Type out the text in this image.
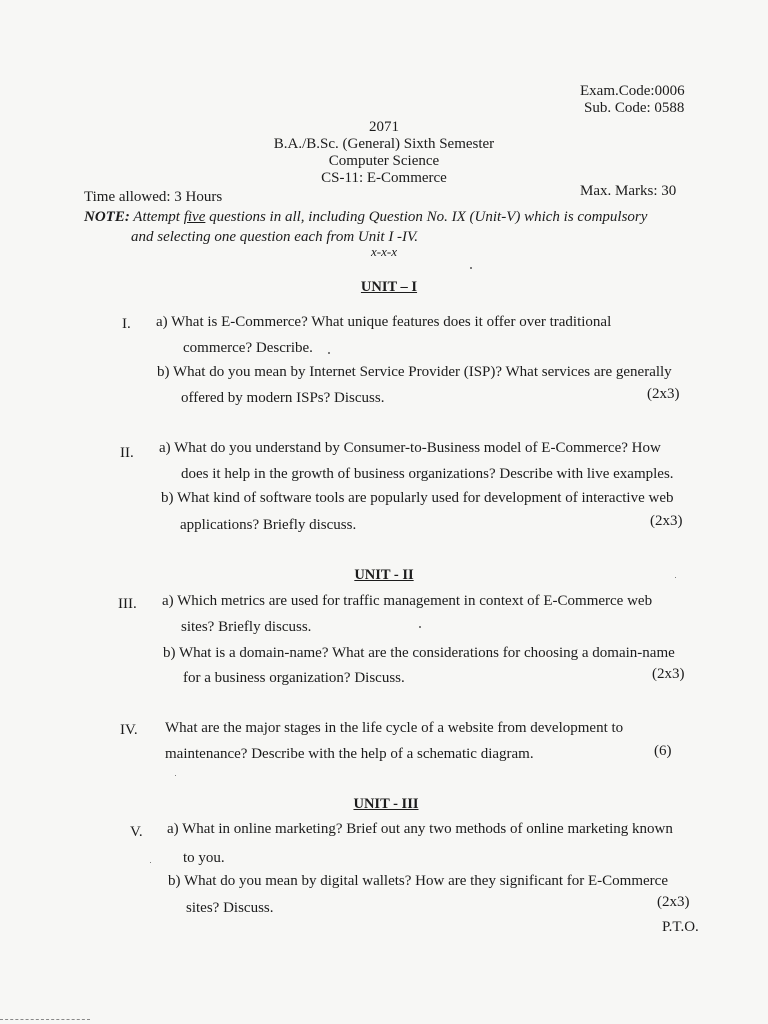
Exam.Code:0006
Sub. Code: 0588
2071
B.A./B.Sc. (General) Sixth Semester
Computer Science
CS-11: E-Commerce
Time allowed: 3 Hours	Max. Marks: 30
NOTE: Attempt five questions in all, including Question No. IX (Unit-V) which is compulsory
and selecting one question each from Unit I -IV.
x-x-x
UNIT – I
I. a) What is E-Commerce? What unique features does it offer over traditional
commerce? Describe.
b) What do you mean by Internet Service Provider (ISP)? What services are generally
offered by modern ISPs? Discuss.	(2x3)
II. a) What do you understand by Consumer-to-Business model of E-Commerce? How
does it help in the growth of business organizations? Describe with live examples.
b) What kind of software tools are popularly used for development of interactive web
applications? Briefly discuss.	(2x3)
UNIT - II
III. a) Which metrics are used for traffic management in context of E-Commerce web
sites? Briefly discuss.
b) What is a domain-name? What are the considerations for choosing a domain-name
for a business organization? Discuss.	(2x3)
IV. What are the major stages in the life cycle of a website from development to
maintenance? Describe with the help of a schematic diagram.	(6)
UNIT - III
V. a) What in online marketing? Brief out any two methods of online marketing known
to you.
b) What do you mean by digital wallets? How are they significant for E-Commerce
sites? Discuss.	(2x3)
P.T.O.
